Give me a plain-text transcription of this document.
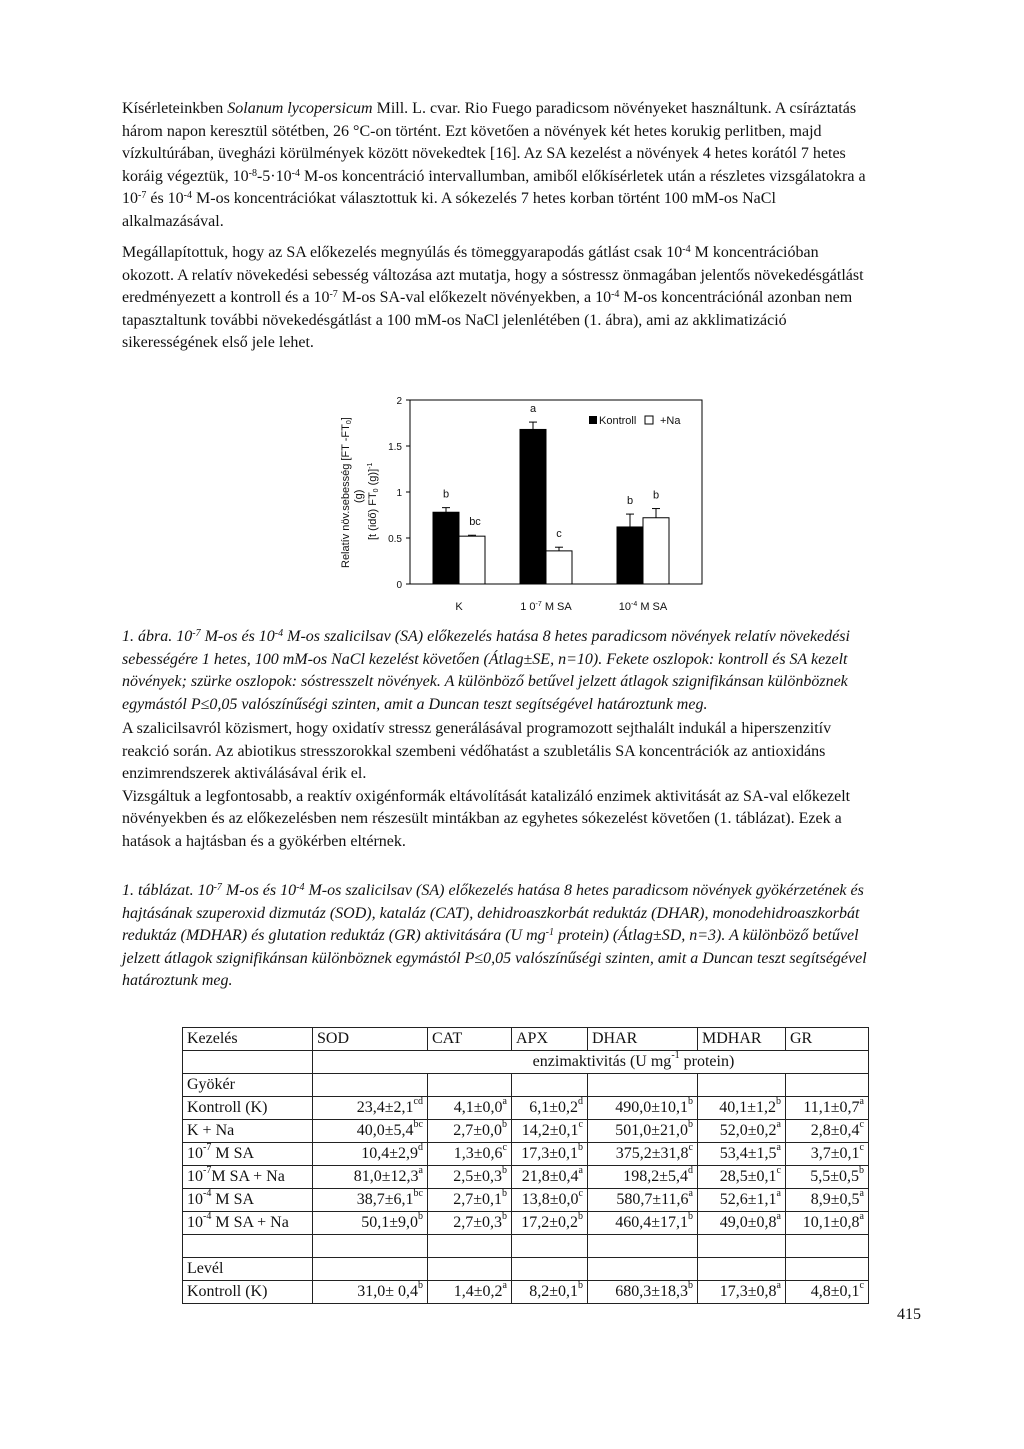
Kísérleteinkben Solanum lycopersicum Mill. L. cvar. Rio Fuego paradicsom növényeket használtunk. A csíráztatás
három napon keresztül sötétben, 26 °C-on történt. Ezt követően a növények két hetes korukig perlitben, majd
vízkultúrában, üvegházi körülmények között növekedtek [16]. Az SA kezelést a növények 4 hetes korától 7 hetes
koráig végeztük, $10^{-8}-5\cdot 10^{-4}$ M-os koncentráció intervallumban, amiből előkísérletek után a részletes vizsgálatokra a
$10^{-7}$ és $10^{-4}$ M-os koncentrációkat választottuk ki. A sókezelés 7 hetes korban történt 100 mM-os NaCl
alkalmazásával.
Megállapítottuk, hogy az SA előkezelés megnyúlás és tömeggyarapodás gátlást csak $10^{-4}$ M koncentrációban
okozott. A relatív növekedési sebesség változása azt mutatja, hogy a sóstressz önmagában jelentős növekedésgátlást
eredményezett a kontroll és a $10^{-7}$ M-os SA-val előkezelt növényekben, a $10^{-4}$ M-os koncentrációnál azonban nem
tapasztaltunk további növekedésgátlást a 100 mM-os NaCl jelenlétében (1. ábra), ami az akklimatizáció
sikerességének első jele lehet.
Relatív növ.sebesség [FT -FT0]
(g) [t (idő) FT0 (g)]$^{-1}$
0
0.5
1
1.5
2
b
bc
a
c
b b
Kontroll +Na
K	1 $0^{-7}$ M SA	$10^{-4}$ M SA
1. ábra. $10^{-7}$ M-os és $10^{-4}$ M-os szalicilsav (SA) előkezelés hatása 8 hetes paradicsom növények relatív növekedési
sebességére 1 hetes, 100 mM-os NaCl kezelést követően (Átlag±SE, n=10). Fekete oszlopok: kontroll és SA kezelt
növények; szürke oszlopok: sóstresszelt növények. A különböző betűvel jelzett átlagok szignifikánsan különböznek
egymástól P≤0,05 valószínűségi szinten, amit a Duncan teszt segítségével határoztunk meg.
A szalicilsavról közismert, hogy oxidatív stressz generálásával programozott sejthalált indukál a hiperszenzitív
reakció során. Az abiotikus stresszorokkal szembeni védőhatást a szubletális SA koncentrációk az antioxidáns
enzimrendszerek aktiválásával érik el.
Vizsgáltuk a legfontosabb, a reaktív oxigénformák eltávolítását katalizáló enzimek aktivitását az SA-val előkezelt
növényekben és az előkezelésben nem részesült mintákban az egyhetes sókezelést követően (1. táblázat). Ezek a
hatások a hajtásban és a gyökérben eltérnek.
1. táblázat. $10^{-7}$ M-os és $10^{-4}$ M-os szalicilsav (SA) előkezelés hatása 8 hetes paradicsom növények gyökérzetének és
hajtásának szuperoxid dizmutáz (SOD), kataláz (CAT), dehidroaszkorbát reduktáz (DHAR), monodehidroaszkorbát
reduktáz (MDHAR) és glutation reduktáz (GR) aktivitására (U $mg^{-1}$ protein) (Átlag±SD, n=3). A különböző betűvel
jelzett átlagok szignifikánsan különböznek egymástól P≤0,05 valószínűségi szinten, amit a Duncan teszt segítségével
határoztunk meg.
Kezelés	SOD	CAT	APX	DHAR	MDHAR	GR
	enzimaktivitás (U $mg^{-1}$ protein)					
Gyökér						
Kontroll (K)	23,4±2,1$^{cd}$	4,1±0,0$^a$	6,1±0,2$^d$	490,0±10,1$^b$	40,1±1,2$^b$	11,1±0,7$^a$
K + Na	40,0±5,4$^{bc}$	2,7±0,0$^b$	14,2±0,1$^c$	501,0±21,0$^b$	52,0±0,2$^a$	2,8±0,4$^c$
$10^{-7}$ M SA	10,4±2,9$^d$	1,3±0,6$^c$	17,3±0,1$^b$	375,2±31,8$^c$	53,4±1,5$^a$	3,7±0,1$^c$
$10^{-7}M$ SA + Na	81,0±12,3$^a$	2,5±0,3$^b$	21,8±0,4$^a$	198,2±5,4$^d$	28,5±0,1$^c$	5,5±0,5$^b$
$10^{-4}$ M SA	38,7±6,1$^{bc}$	2,7±0,1$^b$	13,8±0,0$^c$	580,7±11,6$^a$	52,6±1,1$^a$	8,9±0,5$^a$
$10^{-4}$ M SA + Na	50,1±9,0$^b$	2,7±0,3$^b$	17,2±0,2$^b$	460,4±17,1$^b$	49,0±0,8$^a$	10,1±0,8$^a$

Levél						
Kontroll (K)	31,0± 0,4$^b$	1,4±0,2$^a$	8,2±0,1$^b$	680,3±18,3$^b$	17,3±0,8$^a$	4,8±0,1$^c$
415
